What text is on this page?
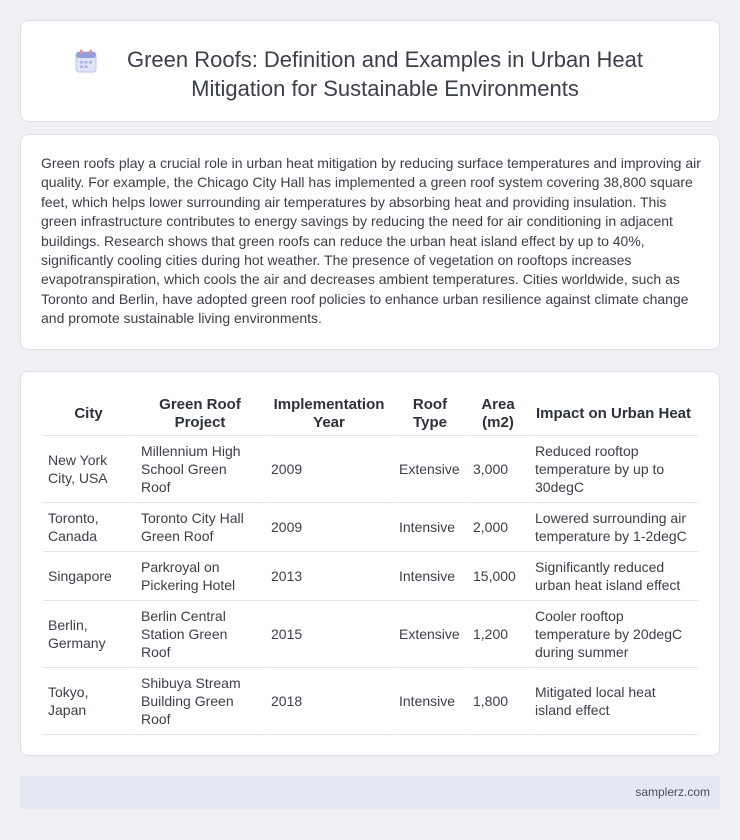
Green Roofs: Definition and Examples in Urban Heat Mitigation for Sustainable Environments

Green roofs play a crucial role in urban heat mitigation by reducing surface temperatures and improving air quality. For example, the Chicago City Hall has implemented a green roof system covering 38,800 square feet, which helps lower surrounding air temperatures by absorbing heat and providing insulation. This green infrastructure contributes to energy savings by reducing the need for air conditioning in adjacent buildings. Research shows that green roofs can reduce the urban heat island effect by up to 40%, significantly cooling cities during hot weather. The presence of vegetation on rooftops increases evapotranspiration, which cools the air and decreases ambient temperatures. Cities worldwide, such as Toronto and Berlin, have adopted green roof policies to enhance urban resilience against climate change and promote sustainable living environments.

City	Green Roof Project	Implementation Year	Roof Type	Area (m2)	Impact on Urban Heat
New York City, USA	Millennium High School Green Roof	2009	Extensive	3,000	Reduced rooftop temperature by up to 30degC
Toronto, Canada	Toronto City Hall Green Roof	2009	Intensive	2,000	Lowered surrounding air temperature by 1-2degC
Singapore	Parkroyal on Pickering Hotel	2013	Intensive	15,000	Significantly reduced urban heat island effect
Berlin, Germany	Berlin Central Station Green Roof	2015	Extensive	1,200	Cooler rooftop temperature by 20degC during summer
Tokyo, Japan	Shibuya Stream Building Green Roof	2018	Intensive	1,800	Mitigated local heat island effect
samplerz.com
